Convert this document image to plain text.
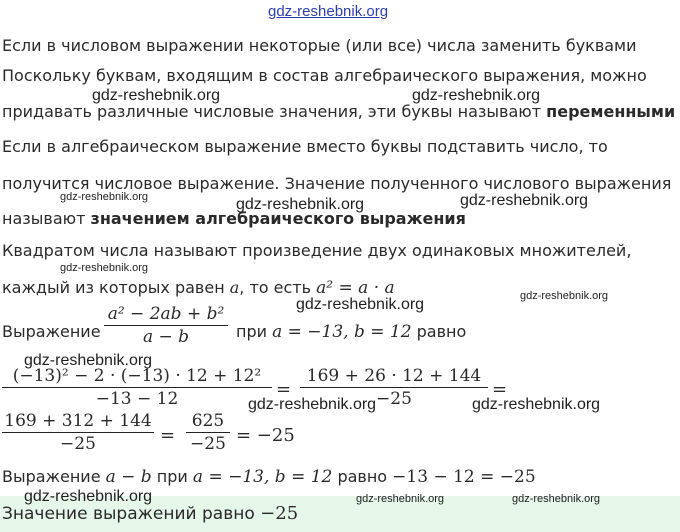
gdz-reshebnik.org
Если в числовом выражении некоторые (или все) числа заменить буквами
Поскольку буквам, входящим в состав алгебраического выражения, можно
придавать различные числовые значения, эти буквы называют переменными
Если в алгебраическом выражение вместо буквы подставить число, то
получится числовое выражение. Значение полученного числового выражения
называют значением алгебраического выражения
Квадратом числа называют произведение двух одинаковых множителей,
каждый из которых равен a, то есть a² = a · a
Выражение
a² − 2ab + b²
a − b	при a = −13, b = 12 равно
(−13)² − 2 · (−13) · 12 + 12²
−13 − 12	=
169 + 26 · 12 + 144
−25	=
169 + 312 + 144
−25	=
625
−25 = −25
Выражение a − b при a = −13, b = 12 равно −13 − 12 = −25
Значение выражений равно −25
gdz-reshebnik.org	gdz-reshebnik.org
gdz-reshebnik.org	gdz-reshebnik.org	gdz-reshebnik.org
gdz-reshebnik.org
gdz-reshebnik.org
gdz-reshebnik.org
gdz-reshebnik.org
gdz-reshebnik.org	gdz-reshebnik.org
gdz-reshebnik.org	gdz-reshebnik.org	gdz-reshebnik.org
